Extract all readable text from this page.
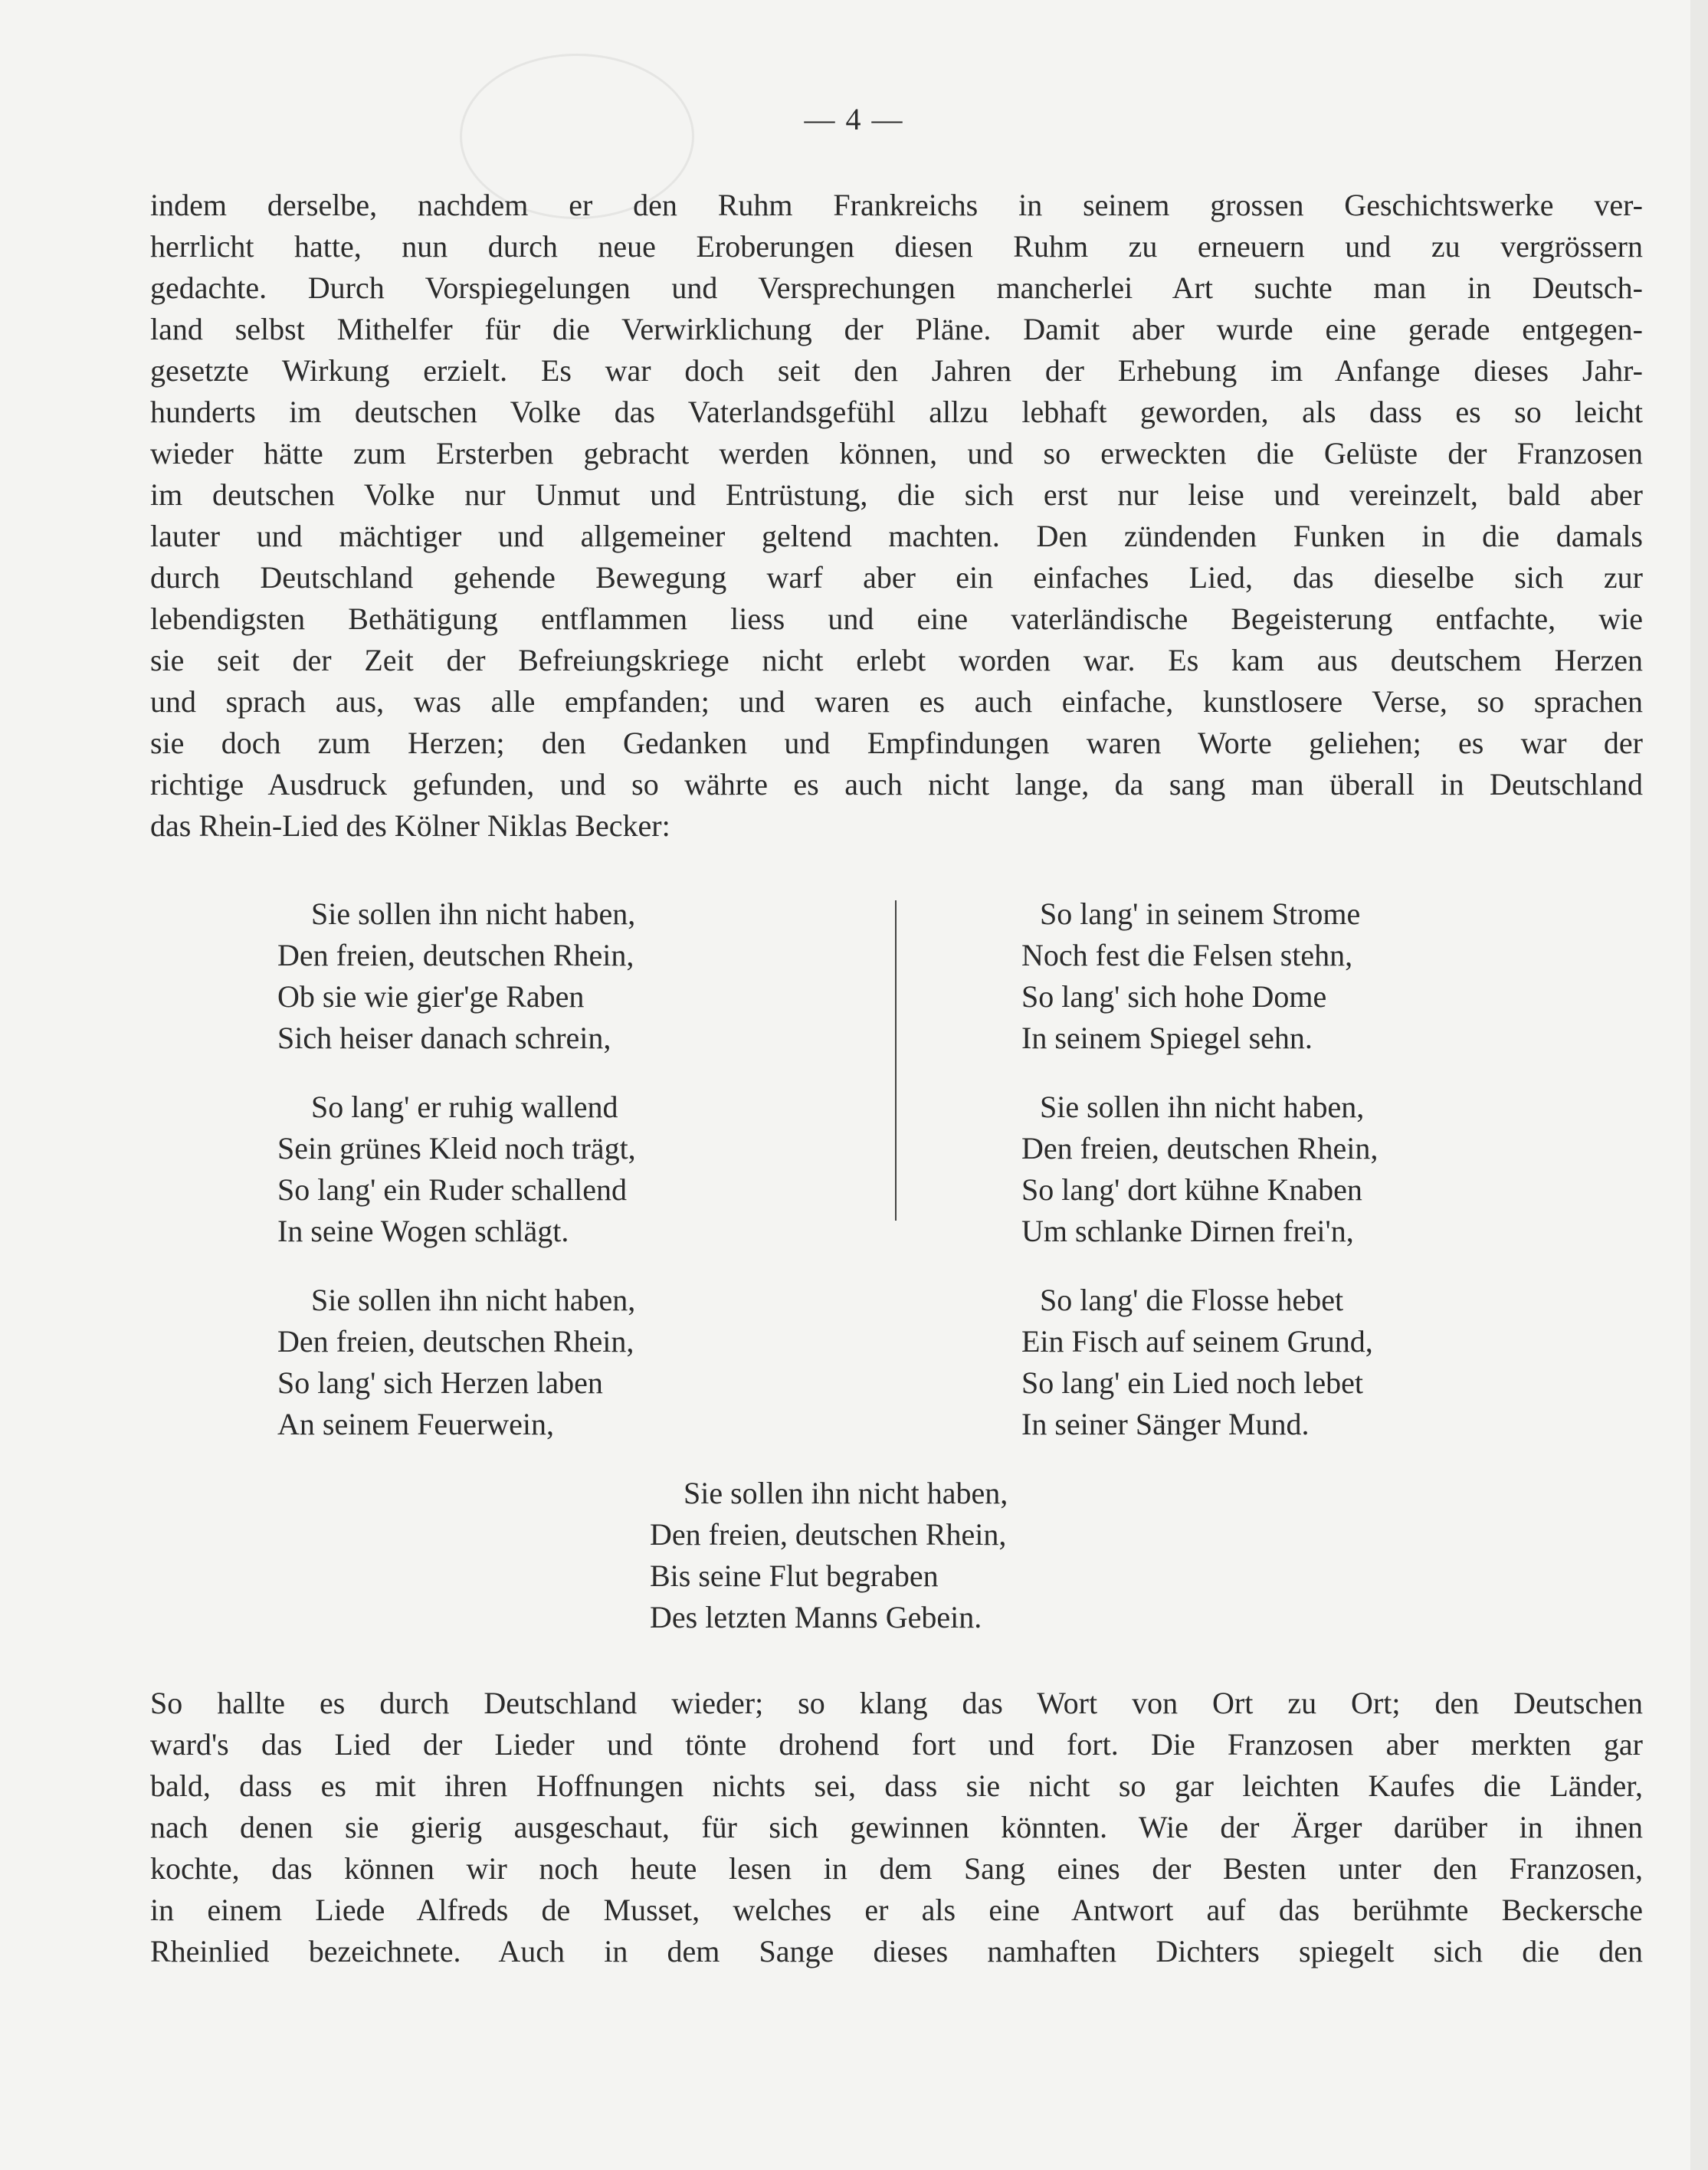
— 4 —
indem derselbe, nachdem er den Ruhm Frankreichs in seinem grossen Geschichtswerke ver-
herrlicht hatte, nun durch neue Eroberungen diesen Ruhm zu erneuern und zu vergrössern
gedachte. Durch Vorspiegelungen und Versprechungen mancherlei Art suchte man in Deutsch-
land selbst Mithelfer für die Verwirklichung der Pläne. Damit aber wurde eine gerade entgegen-
gesetzte Wirkung erzielt. Es war doch seit den Jahren der Erhebung im Anfange dieses Jahr-
hunderts im deutschen Volke das Vaterlandsgefühl allzu lebhaft geworden, als dass es so leicht
wieder hätte zum Ersterben gebracht werden können, und so erweckten die Gelüste der Franzosen
im deutschen Volke nur Unmut und Entrüstung, die sich erst nur leise und vereinzelt, bald aber
lauter und mächtiger und allgemeiner geltend machten. Den zündenden Funken in die damals
durch Deutschland gehende Bewegung warf aber ein einfaches Lied, das dieselbe sich zur
lebendigsten Bethätigung entflammen liess und eine vaterländische Begeisterung entfachte, wie
sie seit der Zeit der Befreiungskriege nicht erlebt worden war. Es kam aus deutschem Herzen
und sprach aus, was alle empfanden; und waren es auch einfache, kunstlosere Verse, so sprachen
sie doch zum Herzen; den Gedanken und Empfindungen waren Worte geliehen; es war der
richtige Ausdruck gefunden, und so währte es auch nicht lange, da sang man überall in Deutschland
das Rhein-Lied des Kölner Niklas Becker:
Sie sollen ihn nicht haben,
Den freien, deutschen Rhein,
Ob sie wie gier'ge Raben
Sich heiser danach schrein,
So lang' er ruhig wallend
Sein grünes Kleid noch trägt,
So lang' ein Ruder schallend
In seine Wogen schlägt.
Sie sollen ihn nicht haben,
Den freien, deutschen Rhein,
So lang' sich Herzen laben
An seinem Feuerwein,
So lang' in seinem Strome
Noch fest die Felsen stehn,
So lang' sich hohe Dome
In seinem Spiegel sehn.
Sie sollen ihn nicht haben,
Den freien, deutschen Rhein,
So lang' dort kühne Knaben
Um schlanke Dirnen frei'n,
So lang' die Flosse hebet
Ein Fisch auf seinem Grund,
So lang' ein Lied noch lebet
In seiner Sänger Mund.
Sie sollen ihn nicht haben,
Den freien, deutschen Rhein,
Bis seine Flut begraben
Des letzten Manns Gebein.
So hallte es durch Deutschland wieder; so klang das Wort von Ort zu Ort; den Deutschen
ward's das Lied der Lieder und tönte drohend fort und fort. Die Franzosen aber merkten gar
bald, dass es mit ihren Hoffnungen nichts sei, dass sie nicht so gar leichten Kaufes die Länder,
nach denen sie gierig ausgeschaut, für sich gewinnen könnten. Wie der Ärger darüber in ihnen
kochte, das können wir noch heute lesen in dem Sang eines der Besten unter den Franzosen,
in einem Liede Alfreds de Musset, welches er als eine Antwort auf das berühmte Beckersche
Rheinlied bezeichnete. Auch in dem Sange dieses namhaften Dichters spiegelt sich die den
